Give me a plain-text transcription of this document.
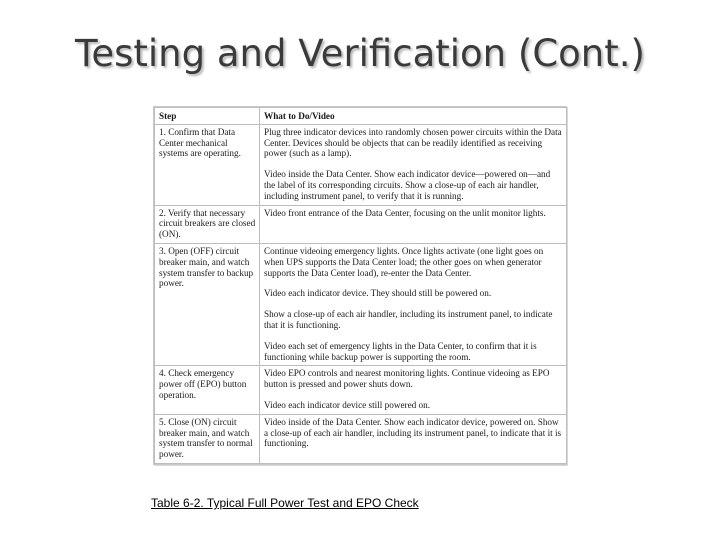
Testing and Verification (Cont.)
Step	What to Do/Video
1. Confirm that Data Center mechanical systems are operating.	Plug three indicator devices into randomly chosen power circuits within the Data Center. Devices should be objects that can be readily identified as receiving power (such as a lamp).

Video inside the Data Center. Show each indicator device—powered on—and the label of its corresponding circuits. Show a close-up of each air handler, including instrument panel, to verify that it is running.

2. Verify that necessary circuit breakers are closed (ON).	Video front entrance of the Data Center, focusing on the unlit monitor lights.

3. Open (OFF) circuit breaker main, and watch system transfer to backup power.	Continue videoing emergency lights. Once lights activate (one light goes on when UPS supports the Data Center load; the other goes on when generator supports the Data Center load), re-enter the Data Center.

Video each indicator device. They should still be powered on.

Show a close-up of each air handler, including its instrument panel, to indicate that it is functioning.

Video each set of emergency lights in the Data Center, to confirm that it is functioning while backup power is supporting the room.

4. Check emergency power off (EPO) button operation.	Video EPO controls and nearest monitoring lights. Continue videoing as EPO button is pressed and power shuts down.

Video each indicator device still powered on.

5. Close (ON) circuit breaker main, and watch system transfer to normal power.	Video inside of the Data Center. Show each indicator device, powered on. Show a close-up of each air handler, including its instrument panel, to indicate that it is functioning.

Table 6-2. Typical Full Power Test and EPO Check
